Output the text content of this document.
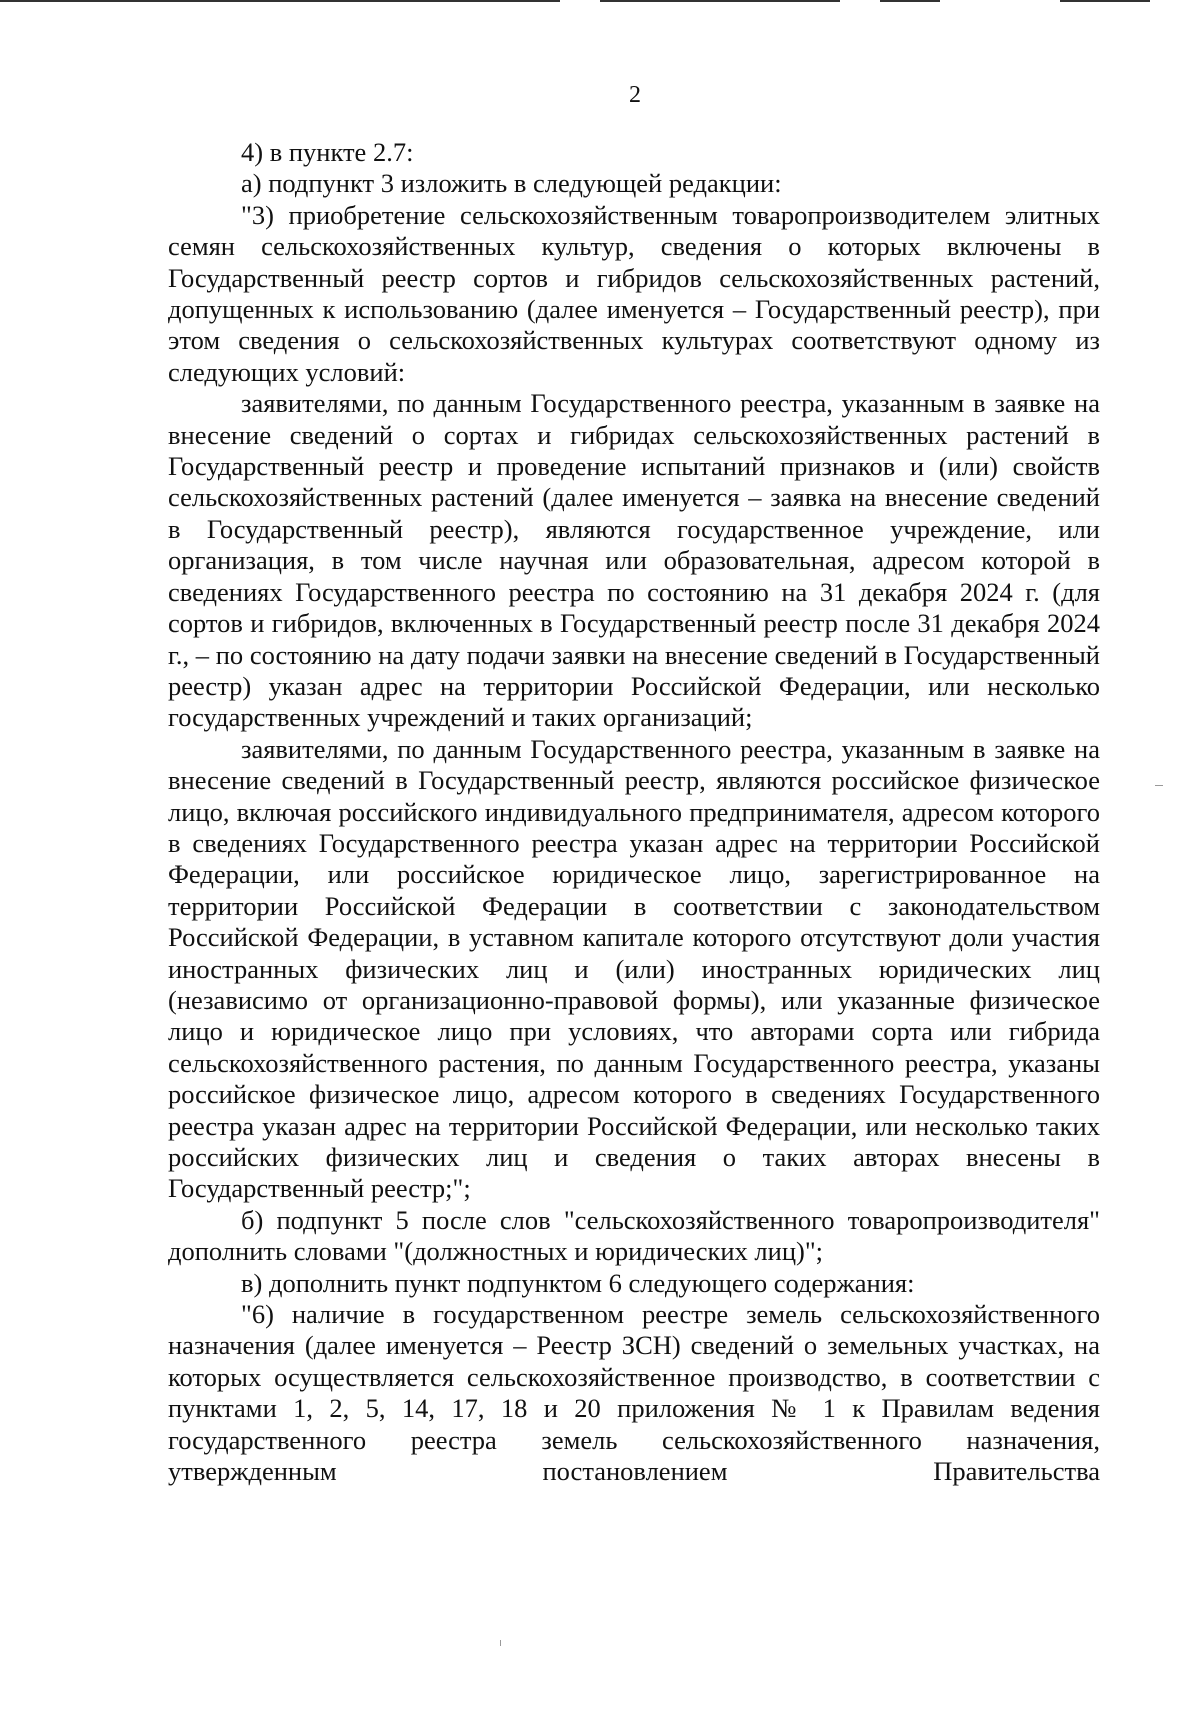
2

4) в пункте 2.7:

а) подпункт 3 изложить в следующей редакции:

"3) приобретение сельскохозяйственным товаропроизводителем элитных семян сельскохозяйственных культур, сведения о которых включены в Государственный реестр сортов и гибридов сельскохозяйственных растений, допущенных к использованию (далее именуется – Государственный реестр), при этом сведения о сельскохозяйственных культурах соответствуют одному из следующих условий:

заявителями, по данным Государственного реестра, указанным в заявке на внесение сведений о сортах и гибридах сельскохозяйственных растений в Государственный реестр и проведение испытаний признаков и (или) свойств сельскохозяйственных растений (далее именуется – заявка на внесение сведений в Государственный реестр), являются государственное учреждение, или организация, в том числе научная или образовательная, адресом которой в сведениях Государственного реестра по состоянию на 31 декабря 2024 г. (для сортов и гибридов, включенных в Государственный реестр после 31 декабря 2024 г., – по состоянию на дату подачи заявки на внесение сведений в Государственный реестр) указан адрес на территории Российской Федерации, или несколько государственных учреждений и таких организаций;

заявителями, по данным Государственного реестра, указанным в заявке на внесение сведений в Государственный реестр, являются российское физическое лицо, включая российского индивидуального предпринимателя, адресом которого в сведениях Государственного реестра указан адрес на территории Российской Федерации, или российское юридическое лицо, зарегистрированное на территории Российской Федерации в соответствии с законодательством Российской Федерации, в уставном капитале которого отсутствуют доли участия иностранных физических лиц и (или) иностранных юридических лиц (независимо от организационно-правовой формы), или указанные физическое лицо и юридическое лицо при условиях, что авторами сорта или гибрида сельскохозяйственного растения, по данным Государственного реестра, указаны российское физическое лицо, адресом которого в сведениях Государственного реестра указан адрес на территории Российской Федерации, или несколько таких российских физических лиц и сведения о таких авторах внесены в Государственный реестр;";

б) подпункт 5 после слов "сельскохозяйственного товаропроизводителя" дополнить словами "(должностных и юридических лиц)";

в) дополнить пункт подпунктом 6 следующего содержания:

"6) наличие в государственном реестре земель сельскохозяйственного назначения (далее именуется – Реестр ЗСН) сведений о земельных участках, на которых осуществляется сельскохозяйственное производство, в соответствии с пунктами 1, 2, 5, 14, 17, 18 и 20 приложения № 1 к Правилам ведения государственного реестра земель сельскохозяйственного назначения, утвержденным постановлением Правительства
